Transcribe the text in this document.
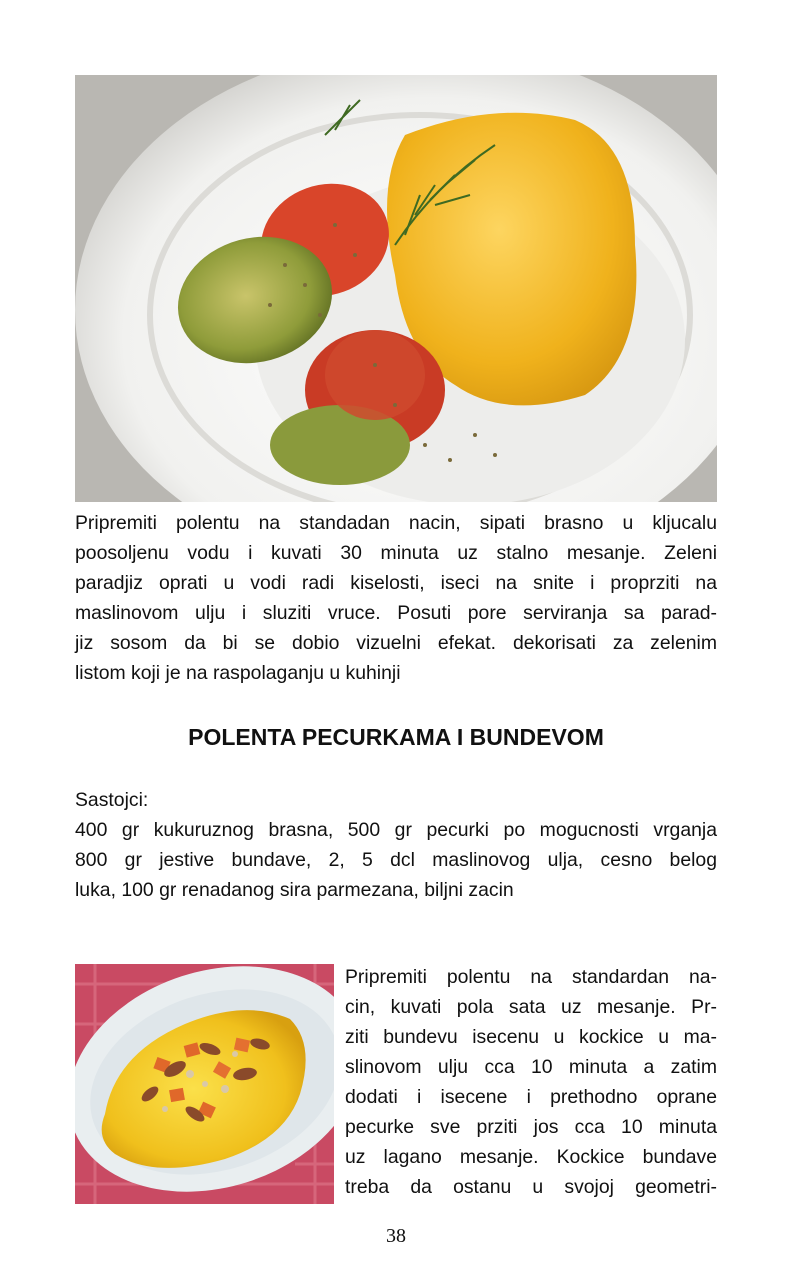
Pripremiti polentu na standadan nacin, sipati brasno u kljucalu
poosoljenu vodu i kuvati 30 minuta uz stalno mesanje. Zeleni
paradjiz oprati u vodi radi kiselosti, iseci na snite i proprziti na
maslinovom ulju i sluziti vruce. Posuti pore serviranja sa parad-
jiz sosom da bi se dobio vizuelni efekat. dekorisati za zelenim
listom koji je na raspolaganju u kuhinji
POLENTA PECURKAMA I BUNDEVOM
Sastojci:
400 gr kukuruznog brasna, 500 gr pecurki po mogucnosti vrganja
800 gr jestive bundave, 2, 5 dcl maslinovog ulja, cesno belog
luka, 100 gr renadanog sira parmezana, biljni zacin
Pripremiti polentu na standardan na-
cin, kuvati pola sata uz mesanje. Pr-
ziti bundevu isecenu u kockice u ma-
slinovom ulju cca 10 minuta a zatim
dodati i isecene i prethodno oprane
pecurke sve prziti jos cca 10 minuta
uz lagano mesanje. Kockice bundave
treba da ostanu u svojoj geometri-
38
